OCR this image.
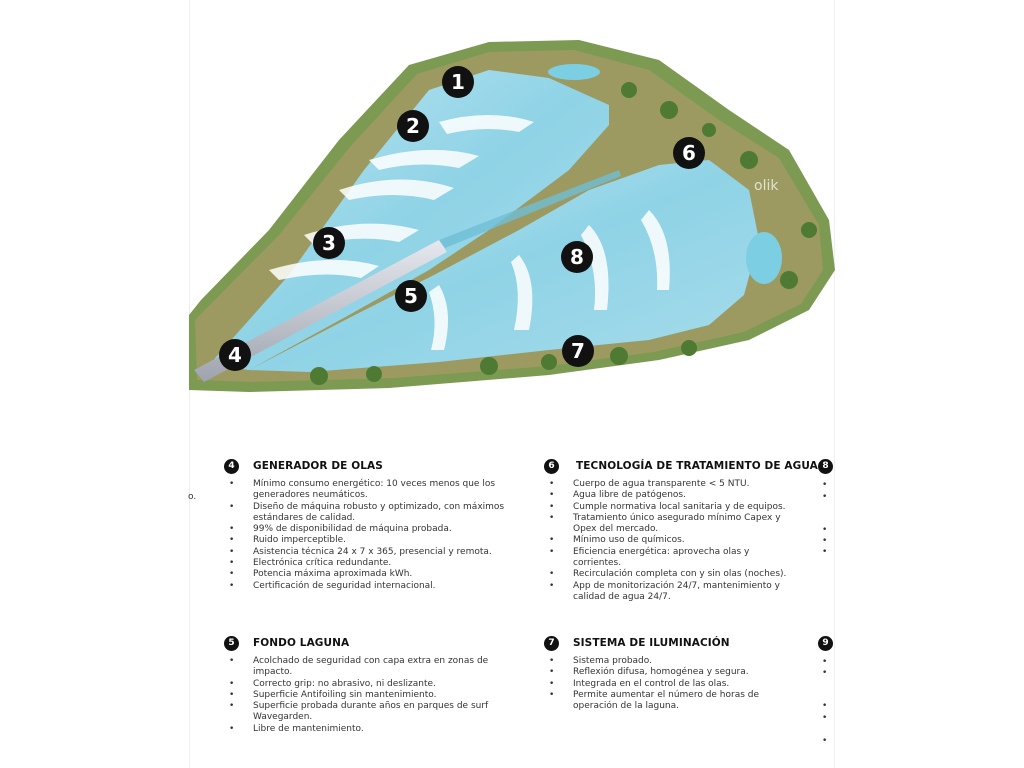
olik
1
2
3
4
5
6
7
8
o.
4	GENERADOR DE OLAS
• Mínimo consumo energético: 10 veces menos que los generadores neumáticos.
• Diseño de máquina robusto y optimizado, con máximos estándares de calidad.
• 99% de disponibilidad de máquina probada.
• Ruido imperceptible.
• Asistencia técnica 24 x 7 x 365, presencial y remota.
• Electrónica crítica redundante.
• Potencia máxima aproximada kWh.
• Certificación de seguridad internacional.
6	TECNOLOGÍA DE TRATAMIENTO DE AGUA
• Cuerpo de agua transparente < 5 NTU.
• Agua libre de patógenos.
• Cumple normativa local sanitaria y de equipos.
• Tratamiento único asegurado mínimo Capex y Opex del mercado.
• Mínimo uso de químicos.
• Eficiencia energética: aprovecha olas y corrientes.
• Recirculación completa con y sin olas (noches).
• App de monitorización 24/7, mantenimiento y calidad de agua 24/7.
5	FONDO LAGUNA
• Acolchado de seguridad con capa extra en zonas de impacto.
• Correcto grip: no abrasivo, ni deslizante.
• Superficie Antifoiling sin mantenimiento.
• Superficie probada durante años en parques de surf Wavegarden.
• Libre de mantenimiento.
7	SISTEMA DE ILUMINACIÓN
• Sistema probado.
• Reflexión difusa, homogénea y segura.
• Integrada en el control de las olas.
• Permite aumentar el número de horas de operación de la laguna.
8
•
•
•
•
•
9
•
•
•
•
•
